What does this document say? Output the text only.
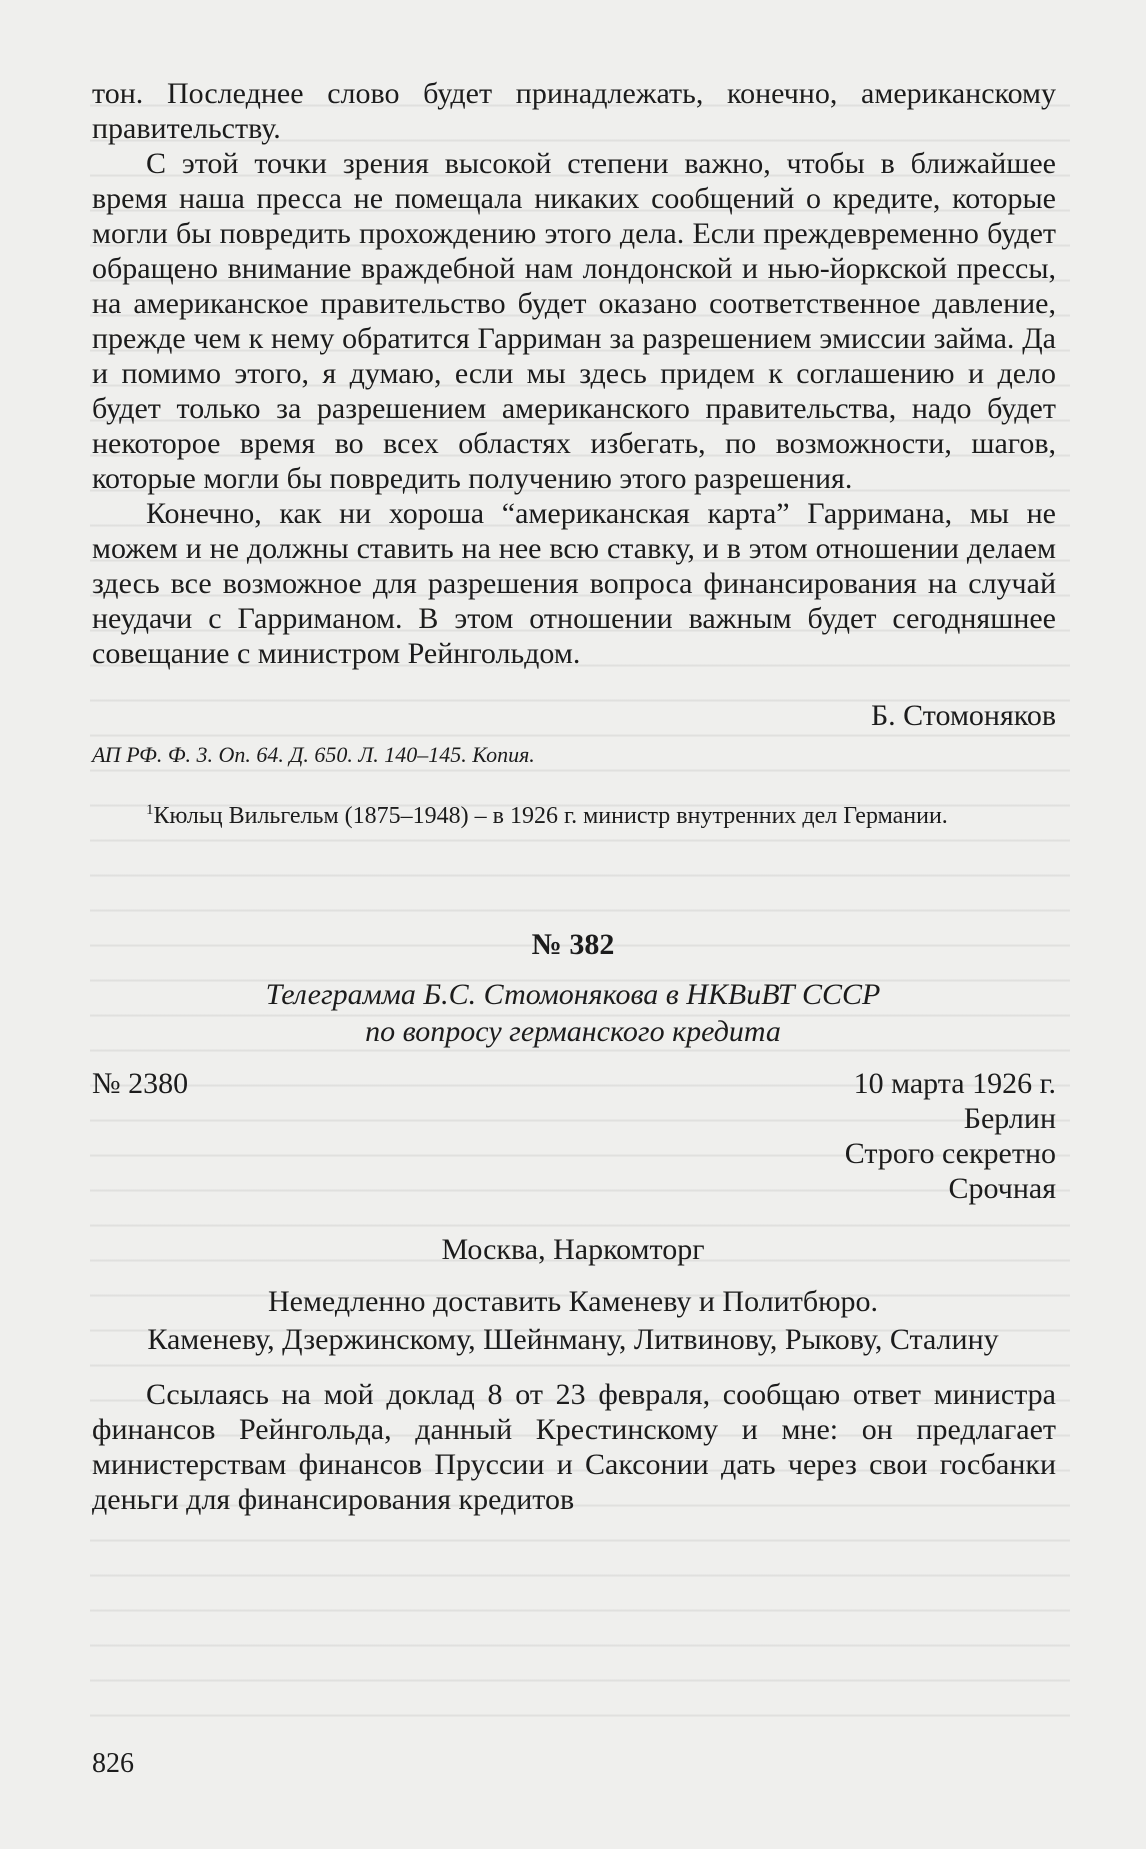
тон. Последнее слово будет принадлежать, конечно, американскому правительству.

С этой точки зрения высокой степени важно, чтобы в ближайшее время наша пресса не помещала никаких сообщений о кредите, которые могли бы повредить прохождению этого дела. Если преждевременно будет обращено внимание враждебной нам лондонской и нью-йоркской прессы, на американское правительство будет оказано соответственное давление, прежде чем к нему обратится Гарриман за разрешением эмиссии займа. Да и помимо этого, я думаю, если мы здесь придем к соглашению и дело будет только за разрешением американского правительства, надо будет некоторое время во всех областях избегать, по возможности, шагов, которые могли бы повредить получению этого разрешения.

Конечно, как ни хороша “американская карта” Гарримана, мы не можем и не должны ставить на нее всю ставку, и в этом отношении делаем здесь все возможное для разрешения вопроса финансирования на случай неудачи с Гарриманом. В этом отношении важным будет сегодняшнее совещание с министром Рейнгольдом.

Б. Стомоняков
АП РФ. Ф. 3. Оп. 64. Д. 650. Л. 140–145. Копия.

$^1$Кюльц Вильгельм (1875–1948) – в 1926 г. министр внутренних дел Германии.

№ 382
Телеграмма Б.С. Стомонякова в НКВиВТ СССР
по вопросу германского кредита
№ 2380	10 марта 1926 г.
Берлин
Строго секретно
Срочная
Москва, Наркомторг
Немедленно доставить Каменеву и Политбюро.
Каменеву, Дзержинскому, Шейнману, Литвинову, Рыкову, Сталину

Ссылаясь на мой доклад 8 от 23 февраля, сообщаю ответ министра финансов Рейнгольда, данный Крестинскому и мне: он предлагает министерствам финансов Пруссии и Саксонии дать через свои госбанки деньги для финансирования кредитов

826
